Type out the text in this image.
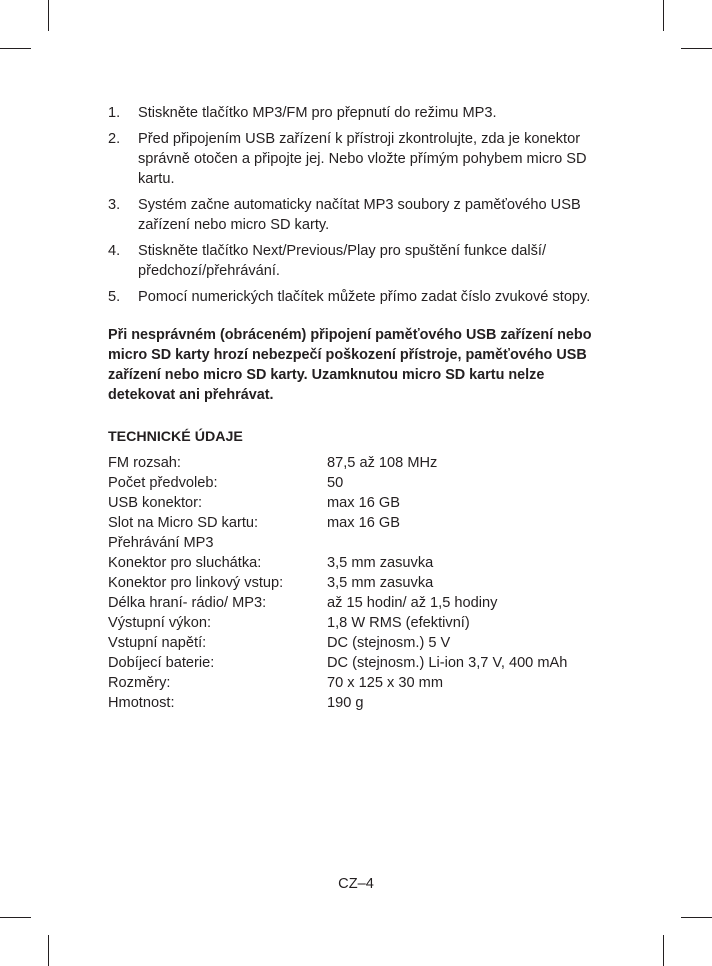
1. Stiskněte tlačítko MP3/FM pro přepnutí do režimu MP3.
2. Před připojením USB zařízení k přístroji zkontrolujte, zda je konektor správně otočen a připojte jej. Nebo vložte přímým pohybem micro SD kartu.
3. Systém začne automaticky načítat MP3 soubory z paměťového USB zařízení nebo micro SD karty.
4. Stiskněte tlačítko Next/Previous/Play pro spuštění funkce další/ předchozí/přehrávání.
5. Pomocí numerických tlačítek můžete přímo zadat číslo zvukové stopy.

Při nesprávném (obráceném) připojení paměťového USB zařízení nebo micro SD karty hrozí nebezpečí poškození přístroje, paměťového USB zařízení nebo micro SD karty. Uzamknutou micro SD kartu nelze detekovat ani přehrávat.

TECHNICKÉ ÚDAJE
FM rozsah:	87,5 až 108 MHz
Počet předvoleb:	50
USB konektor:	max 16 GB
Slot na Micro SD kartu:	max 16 GB
Přehrávání MP3	
Konektor pro sluchátka:	3,5 mm zasuvka
Konektor pro linkový vstup:	3,5 mm zasuvka
Délka hraní- rádio/ MP3:	až 15 hodin/ až 1,5 hodiny
Výstupní výkon:	1,8 W RMS (efektivní)
Vstupní napětí:	DC (stejnosm.) 5 V
Dobíjecí baterie:	DC (stejnosm.) Li-ion 3,7 V, 400 mAh
Rozměry:	70 x 125 x 30 mm
Hmotnost:	190 g
CZ–4
